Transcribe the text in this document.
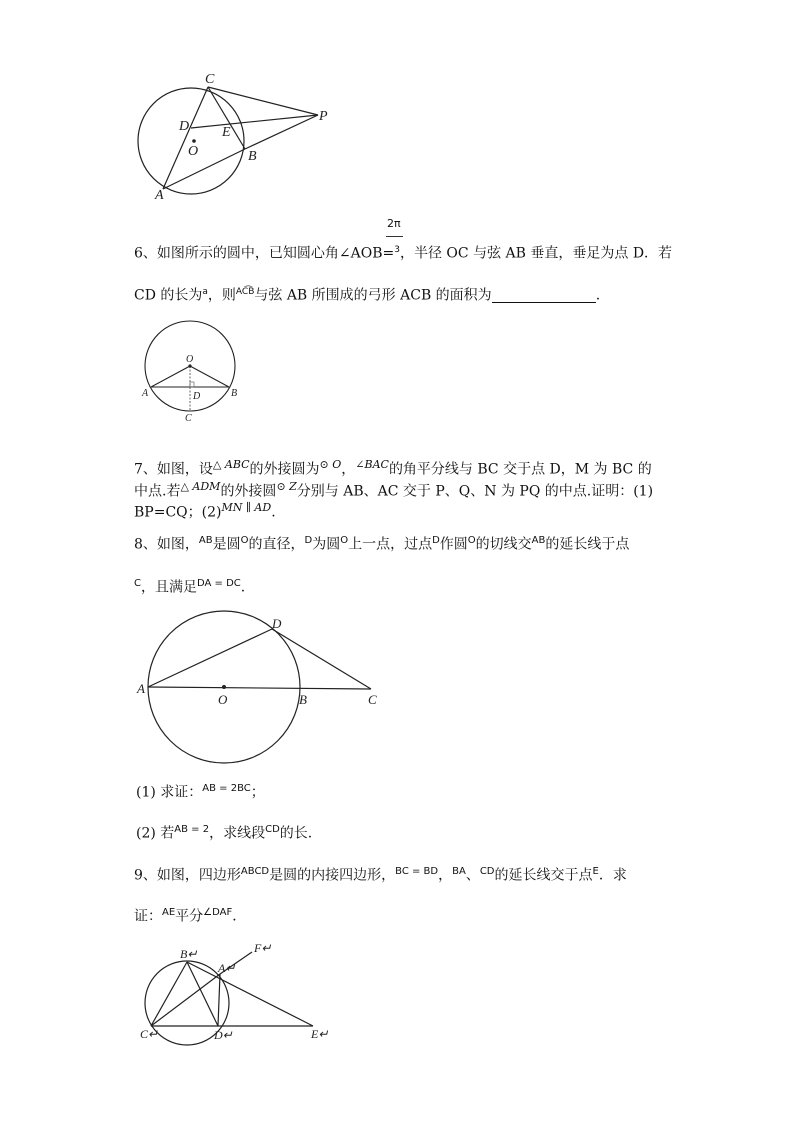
C
P
D E
O	B
A
2π
6、如图所示的圆中，已知圆心角∠AOB=$^3$，半径 OC 与弦 AB 垂直，垂足为点 D．若
CD 的长为$^a$，则$^{AC͡B}$与弦 AB 所围成的弓形 ACB 的面积为	.
O
A	B
D
C
7、如图，设$^{\triangle ABC}$的外接圆为$^{⊙ O}$，$^{\angle BAC}$的角平分线与 BC 交于点 D，M 为 BC 的
中点.若$^{\triangle ADM}$的外接圆$^{⊙ Z}$分别与 AB、AC 交于 P、Q、N 为 PQ 的中点.证明：(1)
BP=CQ；$(2)^{MN \parallel AD}$.
8、如图，$^{AB}$是圆$^O$的直径，$^D$为圆$^O$上一点，过点$^D$作圆$^O$的切线交$^{AB}$的延长线于点
$^C$，且满足$^{DA = DC}$.
A
D
O	B	C
(1) 求证：$^{AB = 2BC}$；
(2) 若$^{AB = 2}$，求线段$^{CD}$的长.
9、如图，四边形$^{ABCD}$是圆的内接四边形，$^{BC = BD}$，$^{BA}$、$^{CD}$的延长线交于点$^E$．求
证：$^{AE}$平分$^{\angle DAF}$．
B↵	F↵
A↵
C↵	D↵	E↵
